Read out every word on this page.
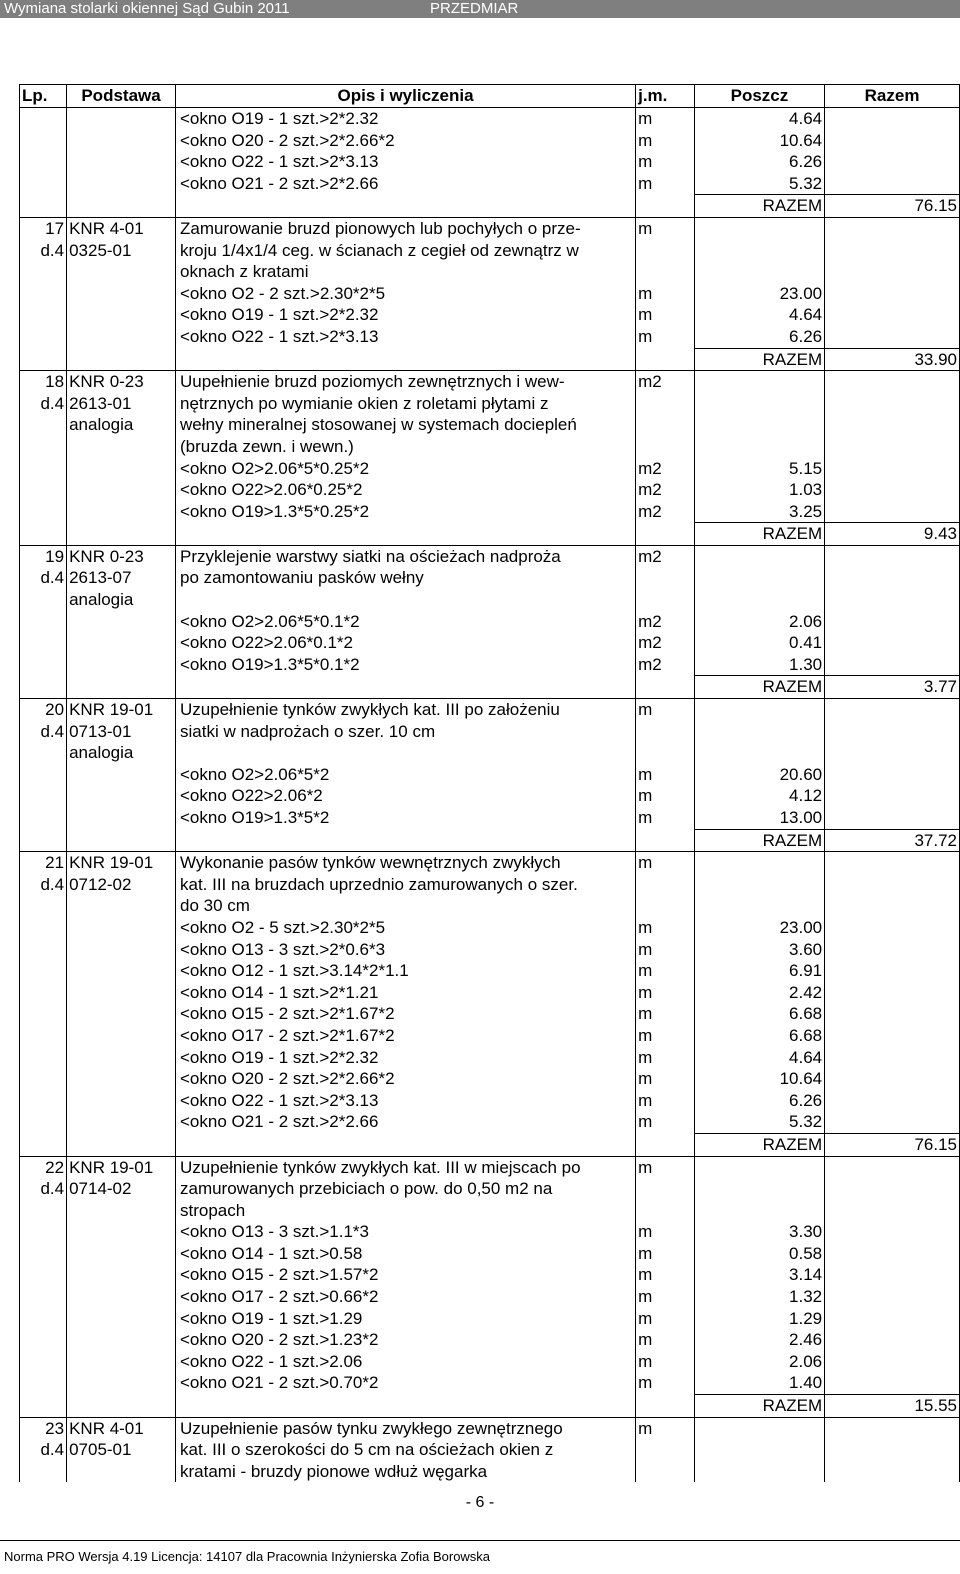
Wymiana stolarki okiennej Sąd Gubin 2011	PRZEDMIAR
Lp.	Podstawa	Opis i wyliczenia	j.m.	Poszcz	Razem
		<okno O19 - 1 szt.>2*2.32	m	4.64	
		<okno O20 - 2 szt.>2*2.66*2	m	10.64	
		<okno O22 - 1 szt.>2*3.13	m	6.26	
		<okno O21 - 2 szt.>2*2.66	m	5.32	
				RAZEM	76.15
17	KNR 4-01	Zamurowanie bruzd pionowych lub pochyłych o prze-	m		
d.4	0325-01	kroju 1/4x1/4 ceg. w ścianach z cegieł od zewnątrz w			
		oknach z kratami			
		<okno O2 - 2 szt.>2.30*2*5	m	23.00	
		<okno O19 - 1 szt.>2*2.32	m	4.64	
		<okno O22 - 1 szt.>2*3.13	m	6.26	
				RAZEM	33.90
18	KNR 0-23	Uupełnienie bruzd poziomych zewnętrznych i wew-	m2		
d.4	2613-01	nętrznych po wymianie okien z roletami płytami z			
	analogia	wełny mineralnej stosowanej w systemach dociepleń			
		(bruzda zewn. i wewn.)			
		<okno O2>2.06*5*0.25*2	m2	5.15	
		<okno O22>2.06*0.25*2	m2	1.03	
		<okno O19>1.3*5*0.25*2	m2	3.25	
				RAZEM	9.43
19	KNR 0-23	Przyklejenie warstwy siatki na ościeżach nadproża	m2		
d.4	2613-07	po zamontowaniu pasków wełny			
	analogia				
		<okno O2>2.06*5*0.1*2	m2	2.06	
		<okno O22>2.06*0.1*2	m2	0.41	
		<okno O19>1.3*5*0.1*2	m2	1.30	
				RAZEM	3.77
20	KNR 19-01	Uzupełnienie tynków zwykłych kat. III po założeniu	m		
d.4	0713-01	siatki w nadprożach o szer. 10 cm			
	analogia				
		<okno O2>2.06*5*2	m	20.60	
		<okno O22>2.06*2	m	4.12	
		<okno O19>1.3*5*2	m	13.00	
				RAZEM	37.72
21	KNR 19-01	Wykonanie pasów tynków wewnętrznych zwykłych	m		
d.4	0712-02	kat. III na bruzdach uprzednio zamurowanych o szer.			
		do 30 cm			
		<okno O2 - 5 szt.>2.30*2*5	m	23.00	
		<okno O13 - 3 szt.>2*0.6*3	m	3.60	
		<okno O12 - 1 szt.>3.14*2*1.1	m	6.91	
		<okno O14 - 1 szt.>2*1.21	m	2.42	
		<okno O15 - 2 szt.>2*1.67*2	m	6.68	
		<okno O17 - 2 szt.>2*1.67*2	m	6.68	
		<okno O19 - 1 szt.>2*2.32	m	4.64	
		<okno O20 - 2 szt.>2*2.66*2	m	10.64	
		<okno O22 - 1 szt.>2*3.13	m	6.26	
		<okno O21 - 2 szt.>2*2.66	m	5.32	
				RAZEM	76.15
22	KNR 19-01	Uzupełnienie tynków zwykłych kat. III w miejscach po	m		
d.4	0714-02	zamurowanych przebiciach o pow. do 0,50 m2 na			
		stropach			
		<okno O13 - 3 szt.>1.1*3	m	3.30	
		<okno O14 - 1 szt.>0.58	m	0.58	
		<okno O15 - 2 szt.>1.57*2	m	3.14	
		<okno O17 - 2 szt.>0.66*2	m	1.32	
		<okno O19 - 1 szt.>1.29	m	1.29	
		<okno O20 - 2 szt.>1.23*2	m	2.46	
		<okno O22 - 1 szt.>2.06	m	2.06	
		<okno O21 - 2 szt.>0.70*2	m	1.40	
				RAZEM	15.55
23	KNR 4-01	Uzupełnienie pasów tynku zwykłego zewnętrznego	m		
d.4	0705-01	kat. III o szerokości do 5 cm na ościeżach okien z			
		kratami - bruzdy pionowe wdłuż węgarka			
- 6 -
Norma PRO Wersja 4.19 Licencja: 14107 dla Pracownia Inżynierska Zofia Borowska
